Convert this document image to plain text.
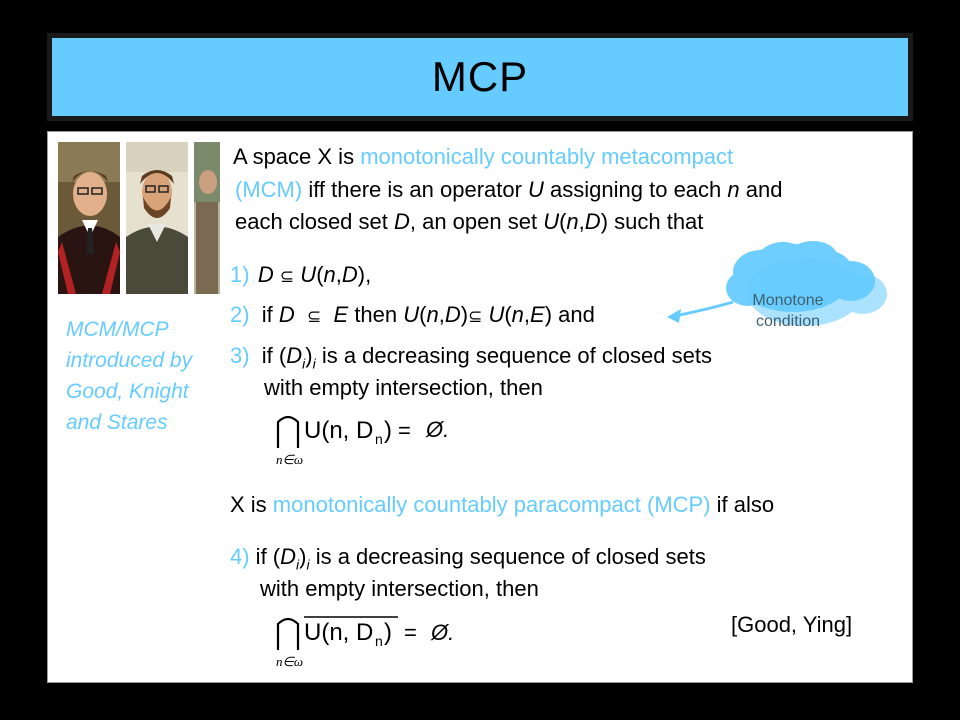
MCP
A space X is monotonically countably metacompact
(MCM) iff there is an operator U assigning to each n and
each closed set D, an open set U(n,D) such that
1) . D ⊆ U(n,D),
2)  if D ⊆ E then U(n,D)⊆ U(n,E) and
Monotone condition
3)  if $(D_i)_i$ is a decreasing sequence of closed sets
with empty intersection, then
n∈ω
U(n, D n ) = Ø.
X is monotonically countably paracompact (MCP) if also
4) if $(D_i)_i$ is a decreasing sequence of closed sets
with empty intersection, then
n∈ω
U(n, D n ) = Ø.	[Good, Ying]
MCM/MCP introduced by Good, Knight and Stares
